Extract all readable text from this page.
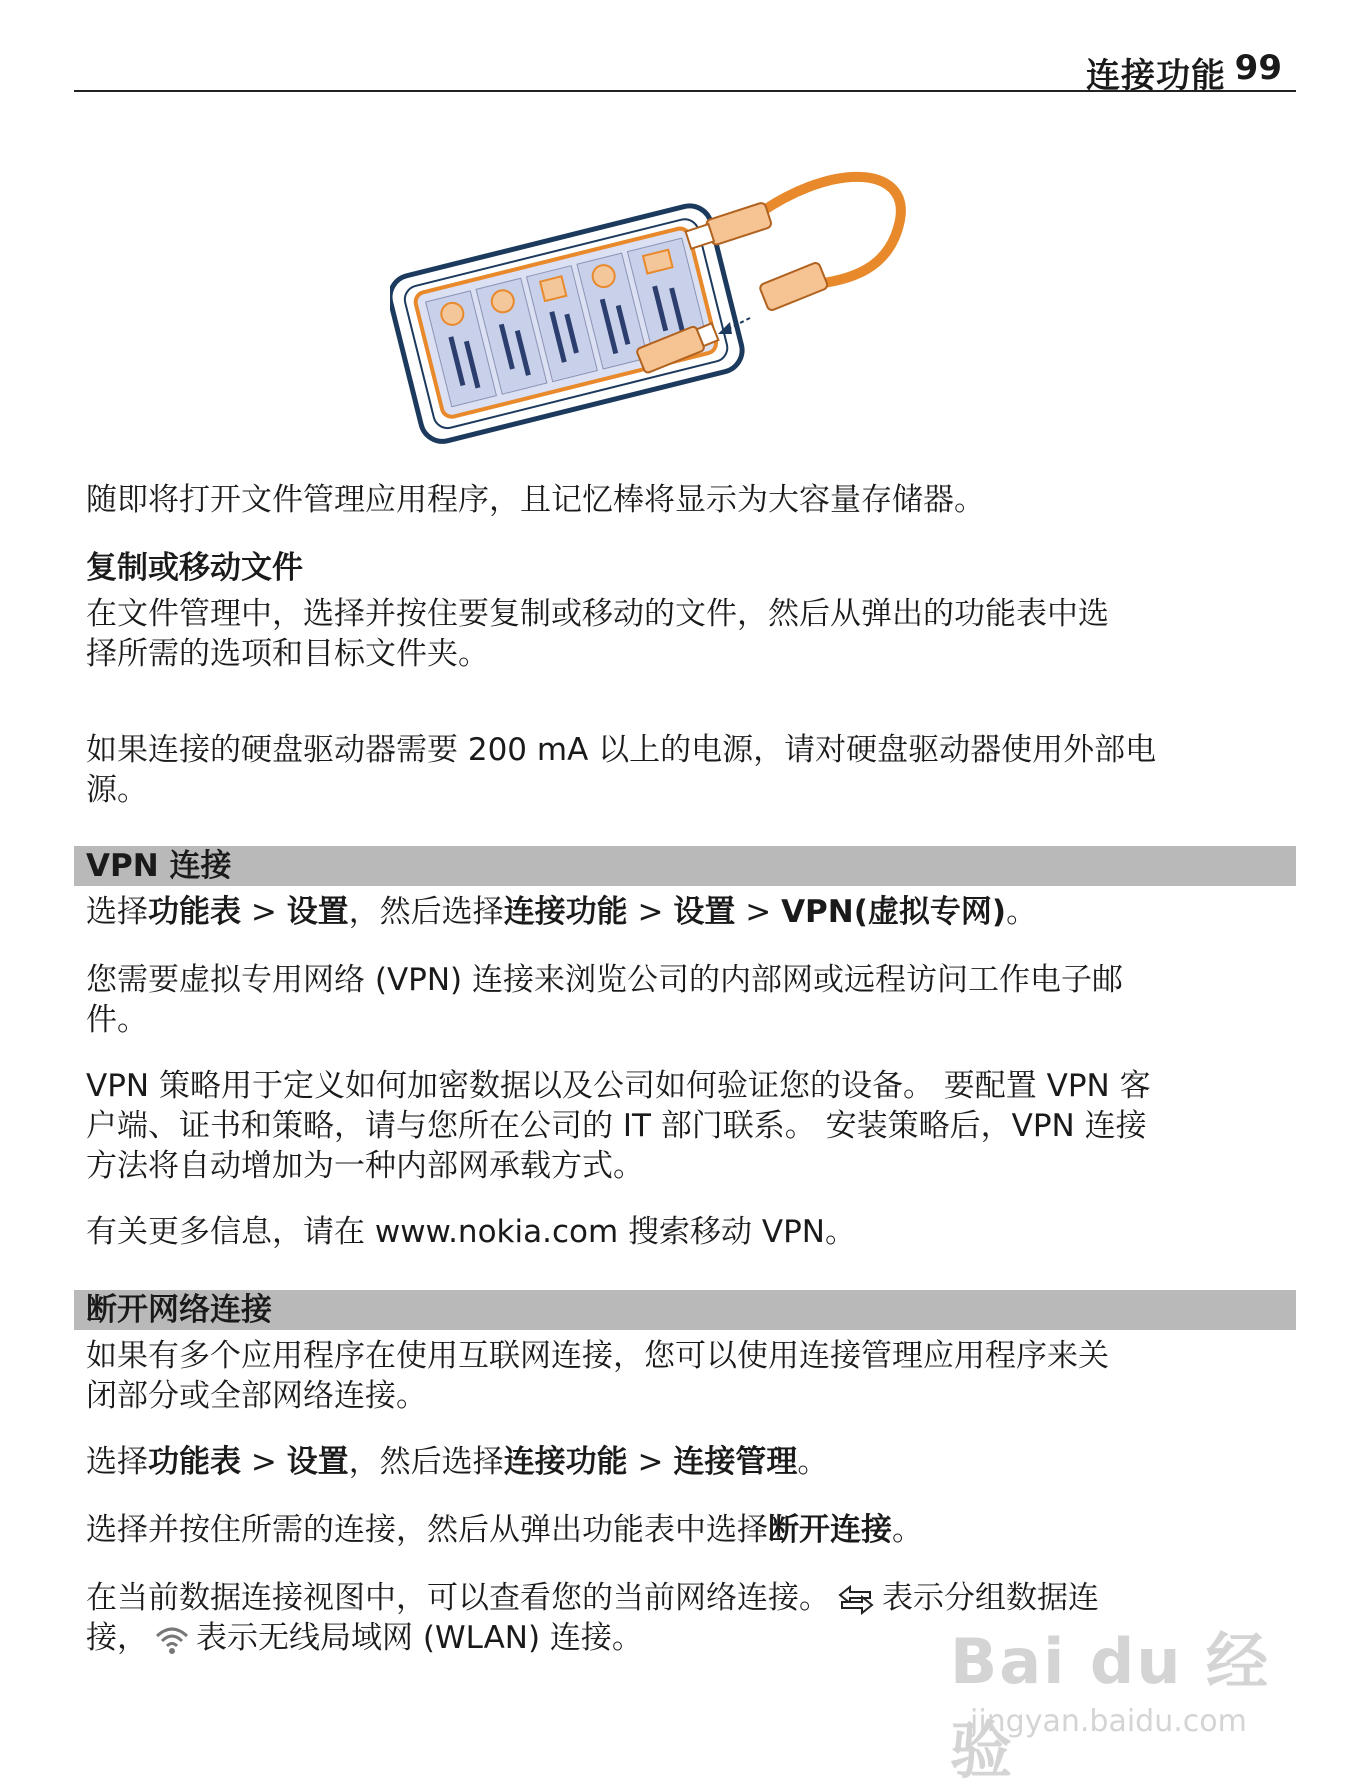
连接功能 99

随即将打开文件管理应用程序，且记忆棒将显示为大容量存储器。

复制或移动文件

在文件管理中，选择并按住要复制或移动的文件，然后从弹出的功能表中选

择所需的选项和目标文件夹。

如果连接的硬盘驱动器需要 200 mA 以上的电源，请对硬盘驱动器使用外部电

源。

VPN 连接

选择功能表 > 设置，然后选择连接功能 > 设置 > VPN(虚拟专网)。

您需要虚拟专用网络 (VPN) 连接来浏览公司的内部网或远程访问工作电子邮

件。

VPN 策略用于定义如何加密数据以及公司如何验证您的设备。 要配置 VPN 客

户端、证书和策略，请与您所在公司的 IT 部门联系。 安装策略后，VPN 连接

方法将自动增加为一种内部网承载方式。

有关更多信息，请在 www.nokia.com 搜索移动 VPN。

断开网络连接

如果有多个应用程序在使用互联网连接，您可以使用连接管理应用程序来关

闭部分或全部网络连接。

选择功能表 > 设置，然后选择连接功能 > 连接管理。

选择并按住所需的连接，然后从弹出功能表中选择断开连接。

在当前数据连接视图中，可以查看您的当前网络连接。 表示分组数据连

接， 表示无线局域网 (WLAN) 连接。	Bai du 经验
jingyan.baidu.com
